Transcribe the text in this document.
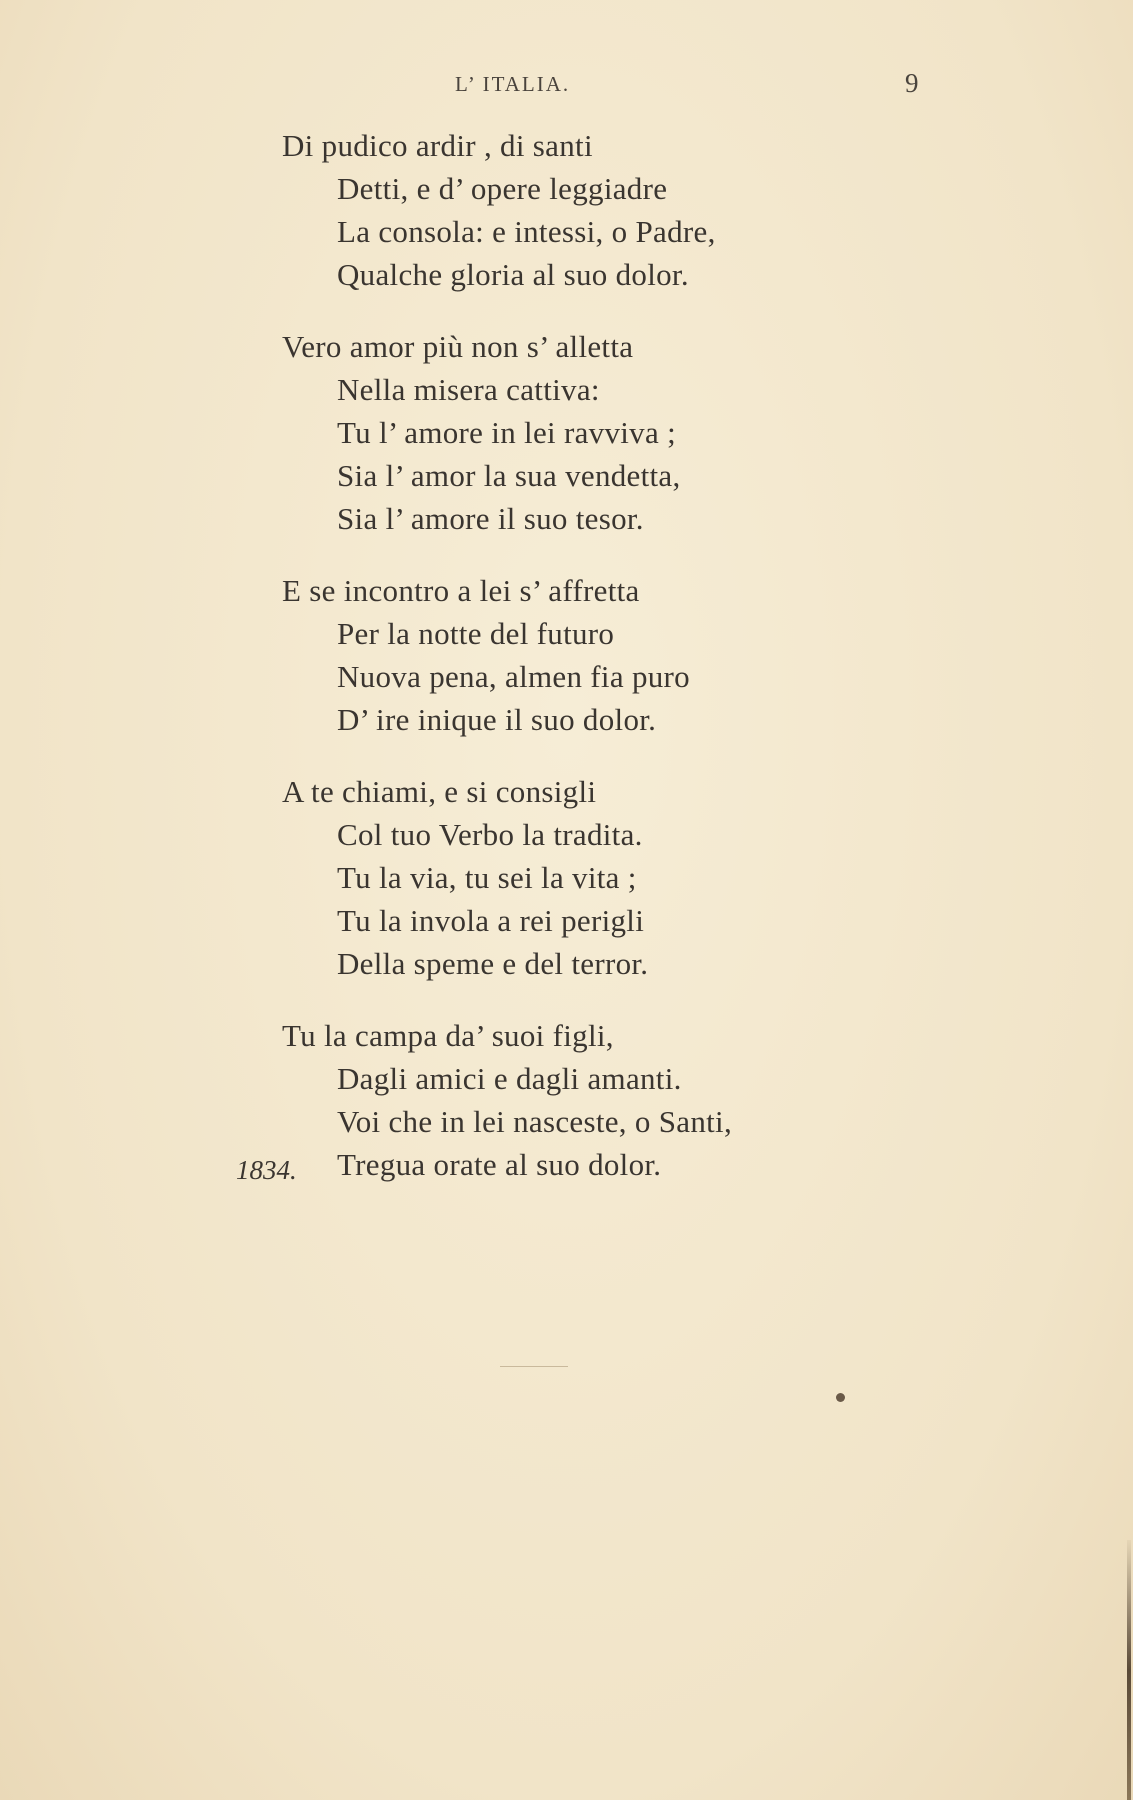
L’ ITALIA.	9
Di pudico ardir , di santi
Detti, e d’ opere leggiadre
La consola: e intessi, o Padre,
Qualche gloria al suo dolor.
Vero amor più non s’ alletta
Nella misera cattiva:
Tu l’ amore in lei ravviva ;
Sia l’ amor la sua vendetta,
Sia l’ amore il suo tesor.
E se incontro a lei s’ affretta
Per la notte del futuro
Nuova pena, almen fia puro
D’ ire inique il suo dolor.
A te chiami, e si consigli
Col tuo Verbo la tradita.
Tu la via, tu sei la vita ;
Tu la invola a rei perigli
Della speme e del terror.
Tu la campa da’ suoi figli,
Dagli amici e dagli amanti.
Voi che in lei nasceste, o Santi,
Tregua orate al suo dolor.
1834.
